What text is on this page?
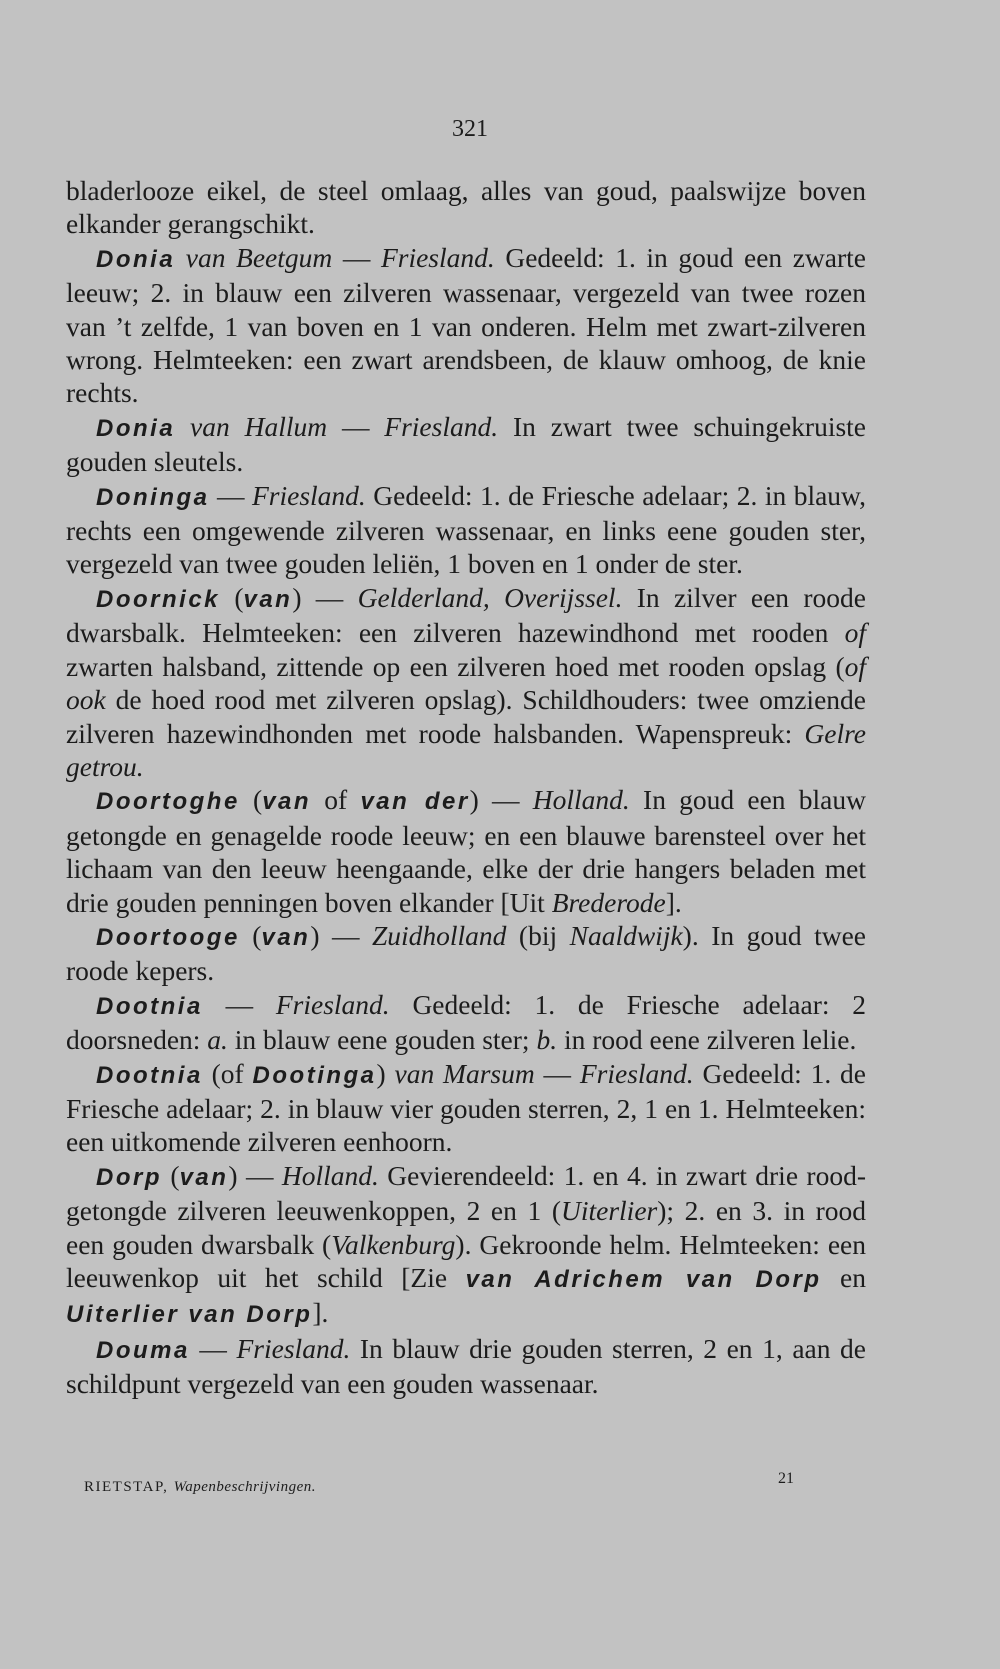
321

bladerlooze eikel, de steel omlaag, alles van goud, paalswijze boven elkander gerangschikt.

Donia van Beetgum — Friesland. Gedeeld: 1. in goud een zwarte leeuw; 2. in blauw een zilveren wassenaar, vergezeld van twee rozen van ’t zelfde, 1 van boven en 1 van onderen. Helm met zwart-zilveren wrong. Helmteeken: een zwart arendsbeen, de klauw omhoog, de knie rechts.

Donia van Hallum — Friesland. In zwart twee schuingekruiste gouden sleutels.

Doninga — Friesland. Gedeeld: 1. de Friesche adelaar; 2. in blauw, rechts een omgewende zilveren wassenaar, en links eene gouden ster, vergezeld van twee gouden leliën, 1 boven en 1 onder de ster.

Doornick (van) — Gelderland, Overijssel. In zilver een roode dwarsbalk. Helmteeken: een zilveren hazewindhond met rooden of zwarten halsband, zittende op een zilveren hoed met rooden opslag (of ook de hoed rood met zilveren opslag). Schildhouders: twee omziende zilveren hazewindhonden met roode halsbanden. Wapenspreuk: Gelre getrou.

Doortoghe (van of van der) — Holland. In goud een blauw getongde en genagelde roode leeuw; en een blauwe barensteel over het lichaam van den leeuw heengaande, elke der drie hangers beladen met drie gouden penningen boven elkander [Uit Brederode].

Doortooge (van) — Zuidholland (bij Naaldwijk). In goud twee roode kepers.

Dootnia — Friesland. Gedeeld: 1. de Friesche adelaar: 2 doorsneden: a. in blauw eene gouden ster; b. in rood eene zilveren lelie.

Dootnia (of Dootinga) van Marsum — Friesland. Gedeeld: 1. de Friesche adelaar; 2. in blauw vier gouden sterren, 2, 1 en 1. Helmteeken: een uitkomende zilveren eenhoorn.

Dorp (van) — Holland. Gevierendeeld: 1. en 4. in zwart drie rood-getongde zilveren leeuwenkoppen, 2 en 1 (Uiterlier); 2. en 3. in rood een gouden dwarsbalk (Valkenburg). Gekroonde helm. Helmteeken: een leeuwenkop uit het schild [Zie van Adrichem van Dorp en Uiterlier van Dorp].

Douma — Friesland. In blauw drie gouden sterren, 2 en 1, aan de schildpunt vergezeld van een gouden wassenaar.

RIETSTAP, Wapenbeschrijvingen.	21
